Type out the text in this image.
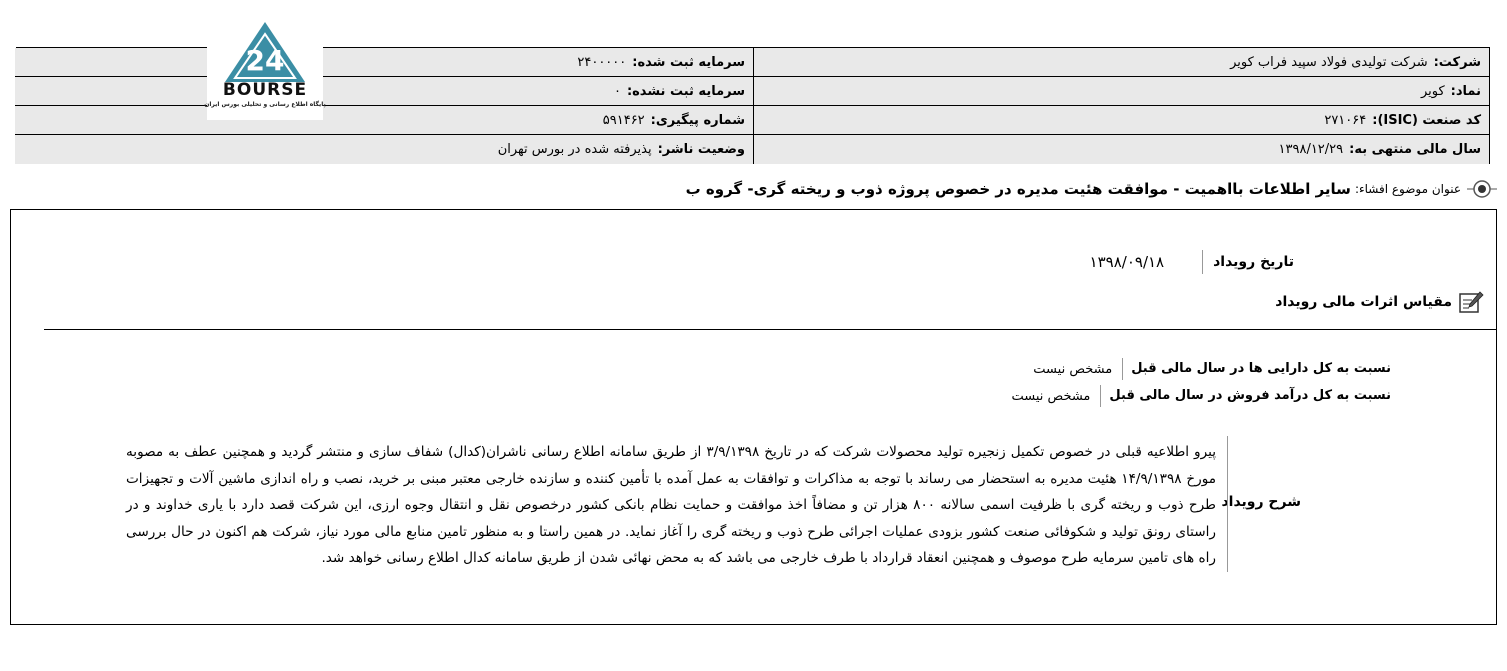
شرکت:
شرکت تولیدی فولاد سپید فراب کویر
سرمایه ثبت شده:
۲۴۰۰۰۰۰
نماد:
کویر
سرمایه ثبت نشده:
۰
کد صنعت (ISIC):
۲۷۱۰۶۴
شماره پیگیری:
۵۹۱۴۶۲
سال مالی منتهی به:
۱۳۹۸/۱۲/۲۹
وضعیت ناشر:
پذیرفته شده در بورس تهران
24
BOURSE
پایگاه اطلاع رسانی و تحلیلی بورس ایران
عنوان موضوع افشاء:
سایر اطلاعات بااهمیت - موافقت هئیت مدیره در خصوص پروژه ذوب و ریخته گری- گروه ب
تاریخ رویداد
۱۳۹۸/۰۹/۱۸
مقیاس اثرات مالی رویداد
نسبت به کل دارایی ها در سال مالی قبل
مشخص نیست
نسبت به کل درآمد فروش در سال مالی قبل
مشخص نیست
شرح رویداد
پیرو اطلاعیه قبلی در خصوص تکمیل زنجیره تولید محصولات شرکت که در تاریخ ۳/۹/۱۳۹۸ از طریق سامانه اطلاع رسانی ناشران(کدال) شفاف سازی و منتشر گردید و همچنین عطف به مصوبه مورخ ۱۴/۹/۱۳۹۸ هئیت مدیره به استحضار می رساند با توجه به مذاکرات و توافقات به عمل آمده با تأمین کننده و سازنده خارجی معتبر مبنی بر خرید، نصب و راه اندازی ماشین آلات و تجهیزات طرح ذوب و ریخته گری با ظرفیت اسمی سالانه ۸۰۰ هزار تن و مضافاً اخذ موافقت و حمایت نظام بانکی کشور درخصوص نقل و انتقال وجوه ارزی، این شرکت قصد دارد با یاری خداوند و در راستای رونق تولید و شکوفائی صنعت کشور بزودی عملیات اجرائی طرح ذوب و ریخته گری را آغاز نماید. در همین راستا و به منظور تامین منابع مالی مورد نیاز، شرکت هم اکنون در حال بررسی راه های تامین سرمایه طرح موصوف و همچنین انعقاد قرارداد با طرف خارجی می باشد که به محض نهائی شدن از طریق سامانه کدال اطلاع رسانی خواهد شد.
